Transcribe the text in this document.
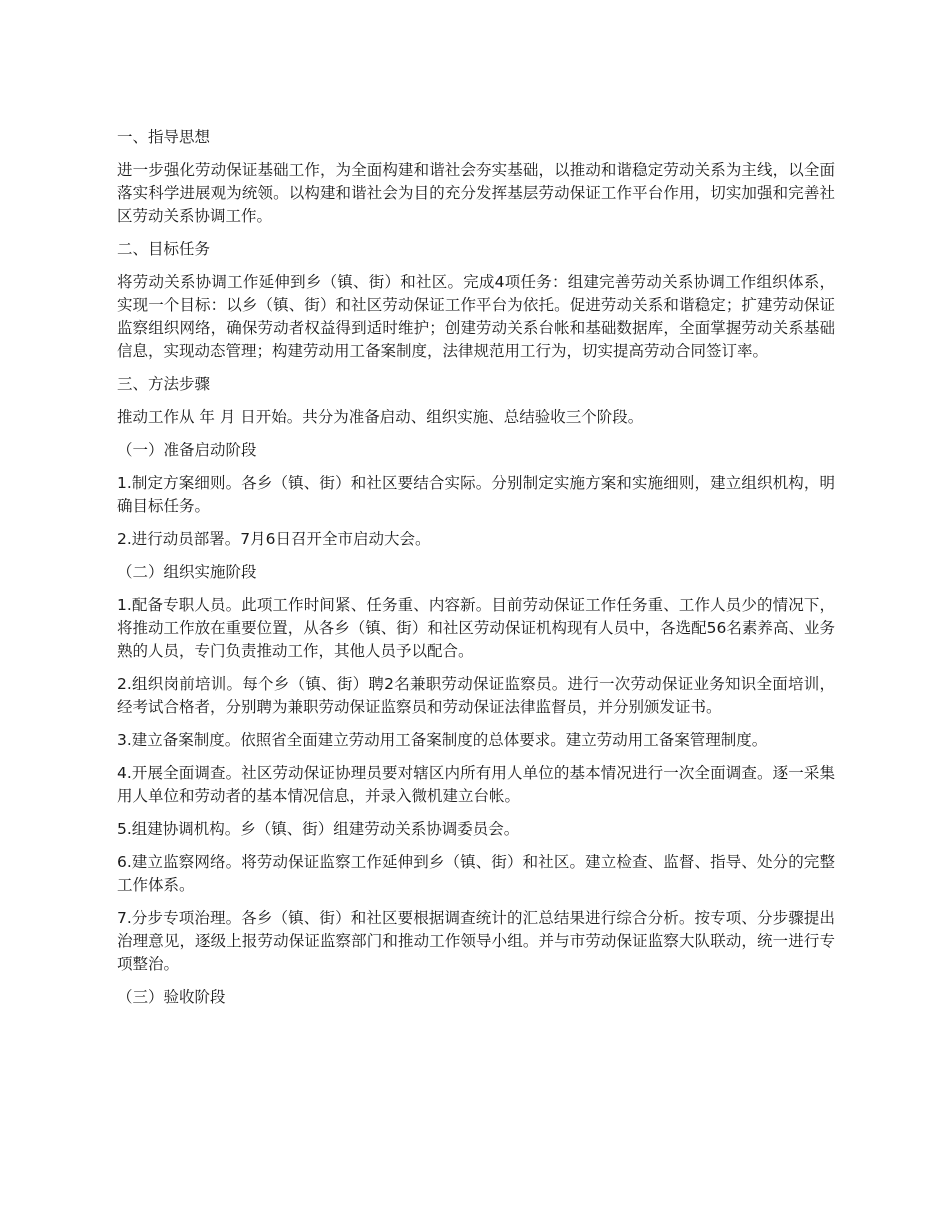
一、指导思想

进一步强化劳动保证基础工作，为全面构建和谐社会夯实基础，以推动和谐稳定劳动关系为主线，以全面落实科学进展观为统领。以构建和谐社会为目的充分发挥基层劳动保证工作平台作用，切实加强和完善社区劳动关系协调工作。

二、目标任务

将劳动关系协调工作延伸到乡（镇、街）和社区。完成4项任务：组建完善劳动关系协调工作组织体系，实现一个目标：以乡（镇、街）和社区劳动保证工作平台为依托。促进劳动关系和谐稳定；扩建劳动保证监察组织网络，确保劳动者权益得到适时维护；创建劳动关系台帐和基础数据库，全面掌握劳动关系基础信息，实现动态管理；构建劳动用工备案制度，法律规范用工行为，切实提高劳动合同签订率。

三、方法步骤

推动工作从 年 月 日开始。共分为准备启动、组织实施、总结验收三个阶段。

（一）准备启动阶段

1.制定方案细则。各乡（镇、街）和社区要结合实际。分别制定实施方案和实施细则，建立组织机构，明确目标任务。

2.进行动员部署。7月6日召开全市启动大会。

（二）组织实施阶段

1.配备专职人员。此项工作时间紧、任务重、内容新。目前劳动保证工作任务重、工作人员少的情况下，将推动工作放在重要位置，从各乡（镇、街）和社区劳动保证机构现有人员中，各选配56名素养高、业务熟的人员，专门负责推动工作，其他人员予以配合。

2.组织岗前培训。每个乡（镇、街）聘2名兼职劳动保证监察员。进行一次劳动保证业务知识全面培训，经考试合格者，分别聘为兼职劳动保证监察员和劳动保证法律监督员，并分别颁发证书。

3.建立备案制度。依照省全面建立劳动用工备案制度的总体要求。建立劳动用工备案管理制度。

4.开展全面调查。社区劳动保证协理员要对辖区内所有用人单位的基本情况进行一次全面调查。逐一采集用人单位和劳动者的基本情况信息，并录入微机建立台帐。

5.组建协调机构。乡（镇、街）组建劳动关系协调委员会。

6.建立监察网络。将劳动保证监察工作延伸到乡（镇、街）和社区。建立检查、监督、指导、处分的完整工作体系。

7.分步专项治理。各乡（镇、街）和社区要根据调查统计的汇总结果进行综合分析。按专项、分步骤提出治理意见，逐级上报劳动保证监察部门和推动工作领导小组。并与市劳动保证监察大队联动，统一进行专项整治。

（三）验收阶段
